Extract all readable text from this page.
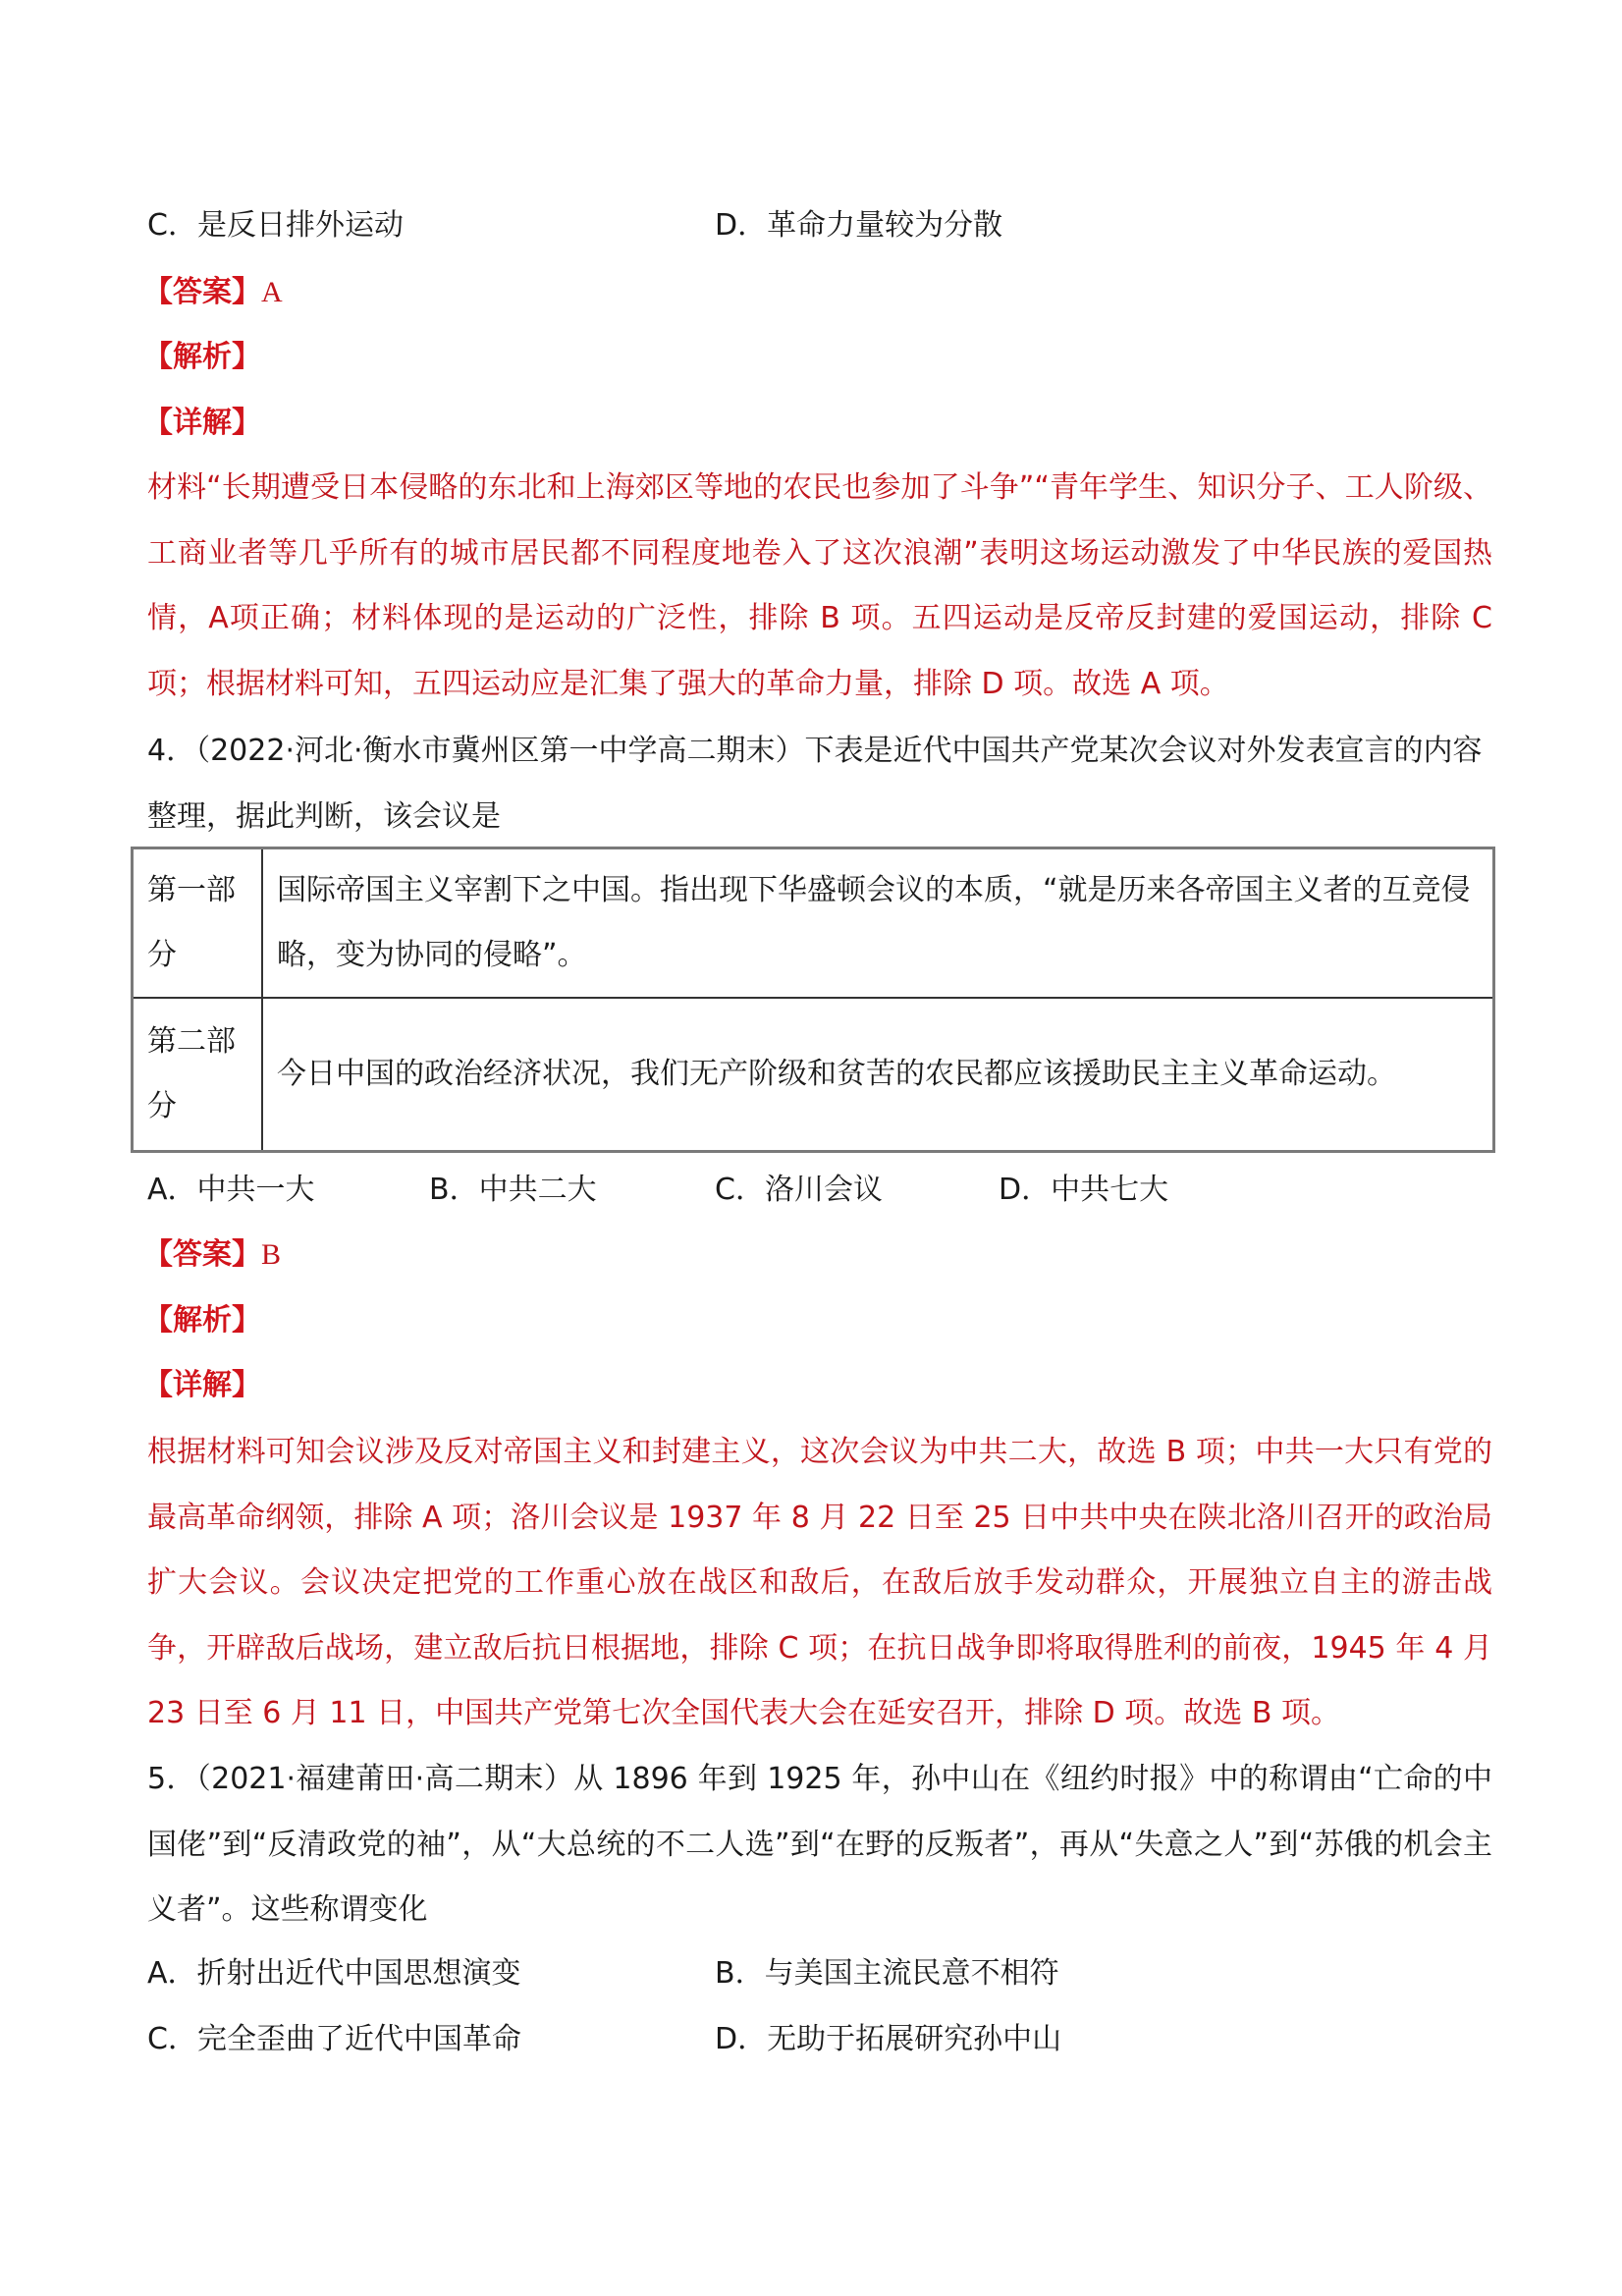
C．是反日排外运动	D．革命力量较为分散
【答案】A
【解析】
【详解】
材料“长期遭受日本侵略的东北和上海郊区等地的农民也参加了斗争”“青年学生、知识分子、工人阶级、工商业者等几乎所有的城市居民都不同程度地卷入了这次浪潮”表明这场运动激发了中华民族的爱国热情，A项正确；材料体现的是运动的广泛性，排除 B 项。五四运动是反帝反封建的爱国运动，排除 C 项；根据材料可知，五四运动应是汇集了强大的革命力量，排除 D 项。故选 A 项。
4．（2022·河北·衡水市冀州区第一中学高二期末）下表是近代中国共产党某次会议对外发表宣言的内容整理，据此判断，该会议是
第一部分	国际帝国主义宰割下之中国。指出现下华盛顿会议的本质，“就是历来各帝国主义者的互竞侵略，变为协同的侵略”。
第二部分	今日中国的政治经济状况，我们无产阶级和贫苦的农民都应该援助民主主义革命运动。
A．中共一大	B．中共二大	C．洛川会议	D．中共七大
【答案】B
【解析】
【详解】
根据材料可知会议涉及反对帝国主义和封建主义，这次会议为中共二大，故选 B 项；中共一大只有党的最高革命纲领，排除 A 项；洛川会议是 1937 年 8 月 22 日至 25 日中共中央在陕北洛川召开的政治局扩大会议。会议决定把党的工作重心放在战区和敌后，在敌后放手发动群众，开展独立自主的游击战争，开辟敌后战场，建立敌后抗日根据地，排除 C 项；在抗日战争即将取得胜利的前夜，1945 年 4 月 23 日至 6 月 11 日，中国共产党第七次全国代表大会在延安召开，排除 D 项。故选 B 项。
5．（2021·福建莆田·高二期末）从 1896 年到 1925 年，孙中山在《纽约时报》中的称谓由“亡命的中国佬”到“反清政党的袖”，从“大总统的不二人选”到“在野的反叛者”，再从“失意之人”到“苏俄的机会主义者”。这些称谓变化
A．折射出近代中国思想演变	B．与美国主流民意不相符
C．完全歪曲了近代中国革命	D．无助于拓展研究孙中山
